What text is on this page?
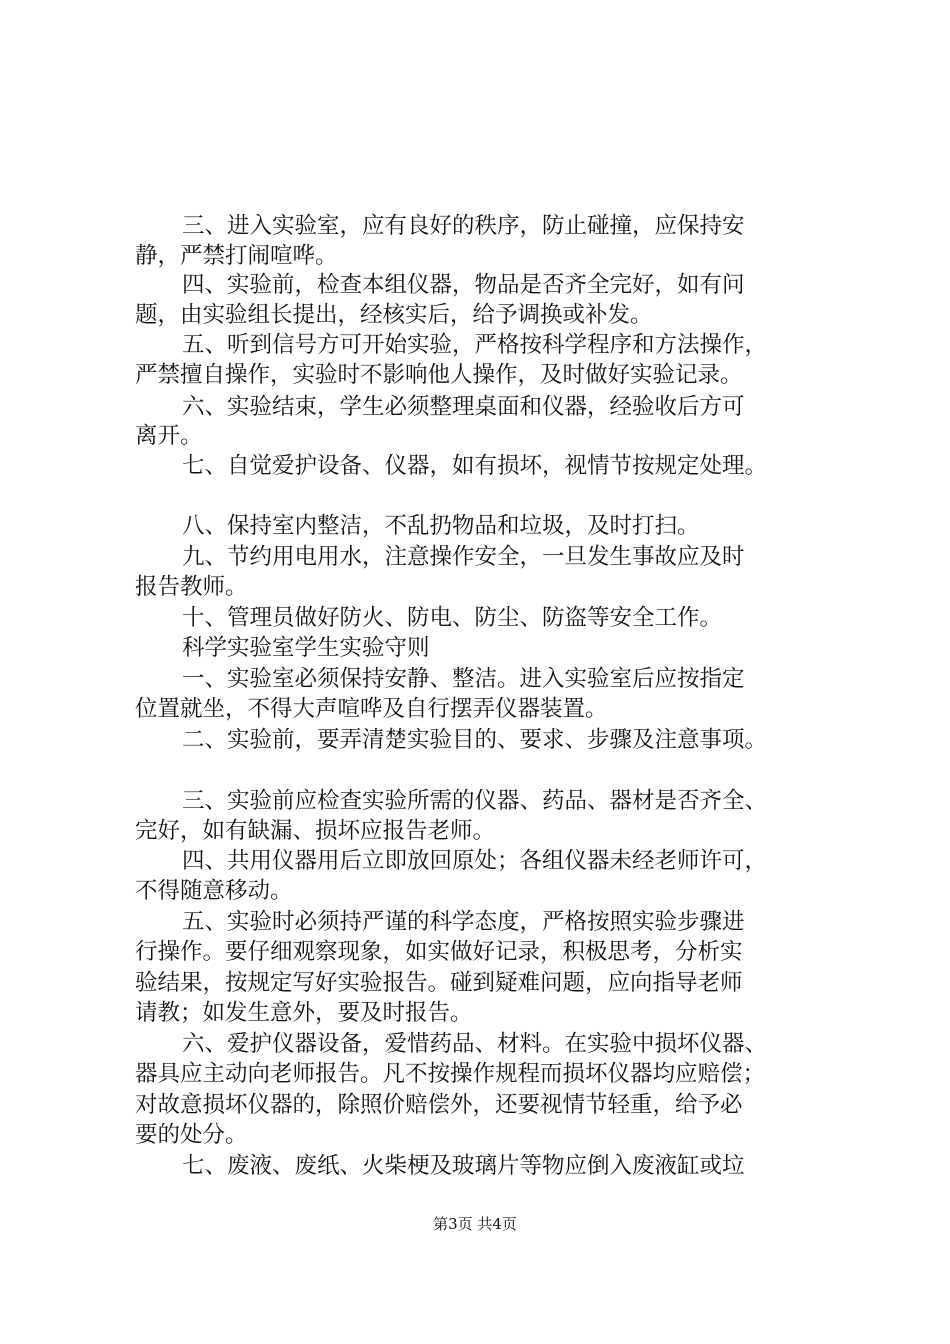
三、进入实验室，应有良好的秩序，防止碰撞，应保持安
静，严禁打闹喧哗。
四、实验前，检查本组仪器，物品是否齐全完好，如有问
题，由实验组长提出，经核实后，给予调换或补发。
五、听到信号方可开始实验，严格按科学程序和方法操作，
严禁擅自操作，实验时不影响他人操作，及时做好实验记录。
六、实验结束，学生必须整理桌面和仪器，经验收后方可
离开。
七、自觉爱护设备、仪器，如有损坏，视情节按规定处理。
八、保持室内整洁，不乱扔物品和垃圾，及时打扫。
九、节约用电用水，注意操作安全，一旦发生事故应及时
报告教师。
十、管理员做好防火、防电、防尘、防盗等安全工作。
科学实验室学生实验守则
一、实验室必须保持安静、整洁。进入实验室后应按指定
位置就坐，不得大声喧哗及自行摆弄仪器装置。
二、实验前，要弄清楚实验目的、要求、步骤及注意事项。
三、实验前应检查实验所需的仪器、药品、器材是否齐全、
完好，如有缺漏、损坏应报告老师。
四、共用仪器用后立即放回原处；各组仪器未经老师许可，
不得随意移动。
五、实验时必须持严谨的科学态度，严格按照实验步骤进
行操作。要仔细观察现象，如实做好记录，积极思考，分析实
验结果，按规定写好实验报告。碰到疑难问题，应向指导老师
请教；如发生意外，要及时报告。
六、爱护仪器设备，爱惜药品、材料。在实验中损坏仪器、
器具应主动向老师报告。凡不按操作规程而损坏仪器均应赔偿；
对故意损坏仪器的，除照价赔偿外，还要视情节轻重，给予必
要的处分。
七、废液、废纸、火柴梗及玻璃片等物应倒入废液缸或垃
第3页 共4页
